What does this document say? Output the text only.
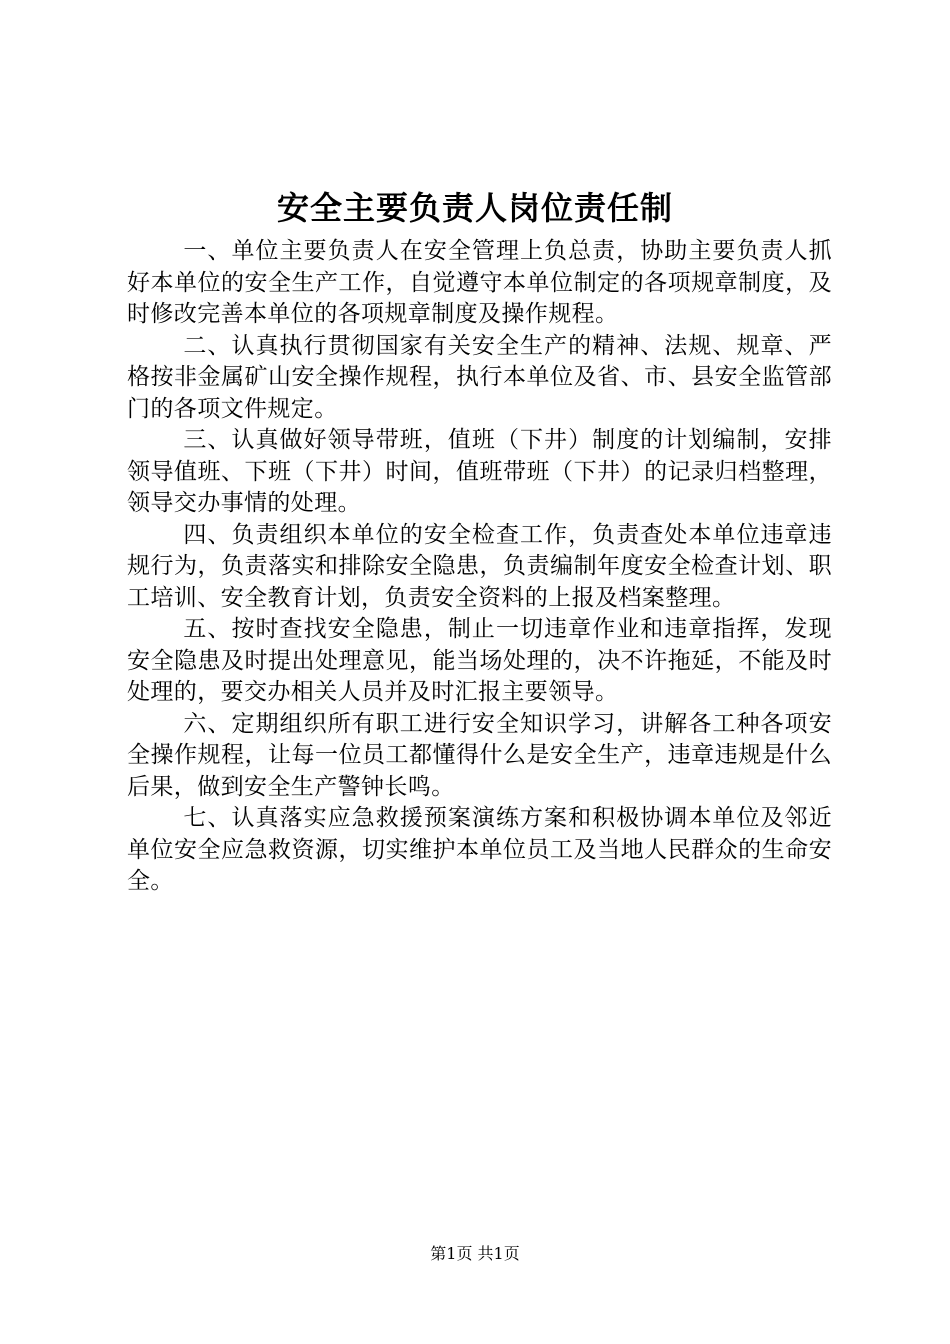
安全主要负责人岗位责任制

一、单位主要负责人在安全管理上负总责，协助主要负责人抓好本单位的安全生产工作，自觉遵守本单位制定的各项规章制度，及时修改完善本单位的各项规章制度及操作规程。

二、认真执行贯彻国家有关安全生产的精神、法规、规章、严格按非金属矿山安全操作规程，执行本单位及省、市、县安全监管部门的各项文件规定。

三、认真做好领导带班，值班（下井）制度的计划编制，安排领导值班、下班（下井）时间，值班带班（下井）的记录归档整理，领导交办事情的处理。

四、负责组织本单位的安全检查工作，负责查处本单位违章违规行为，负责落实和排除安全隐患，负责编制年度安全检查计划、职工培训、安全教育计划，负责安全资料的上报及档案整理。

五、按时查找安全隐患，制止一切违章作业和违章指挥，发现安全隐患及时提出处理意见，能当场处理的，决不许拖延，不能及时处理的，要交办相关人员并及时汇报主要领导。

六、定期组织所有职工进行安全知识学习，讲解各工种各项安全操作规程，让每一位员工都懂得什么是安全生产，违章违规是什么后果，做到安全生产警钟长鸣。

七、认真落实应急救援预案演练方案和积极协调本单位及邻近单位安全应急救资源，切实维护本单位员工及当地人民群众的生命安全。

第1页 共1页
